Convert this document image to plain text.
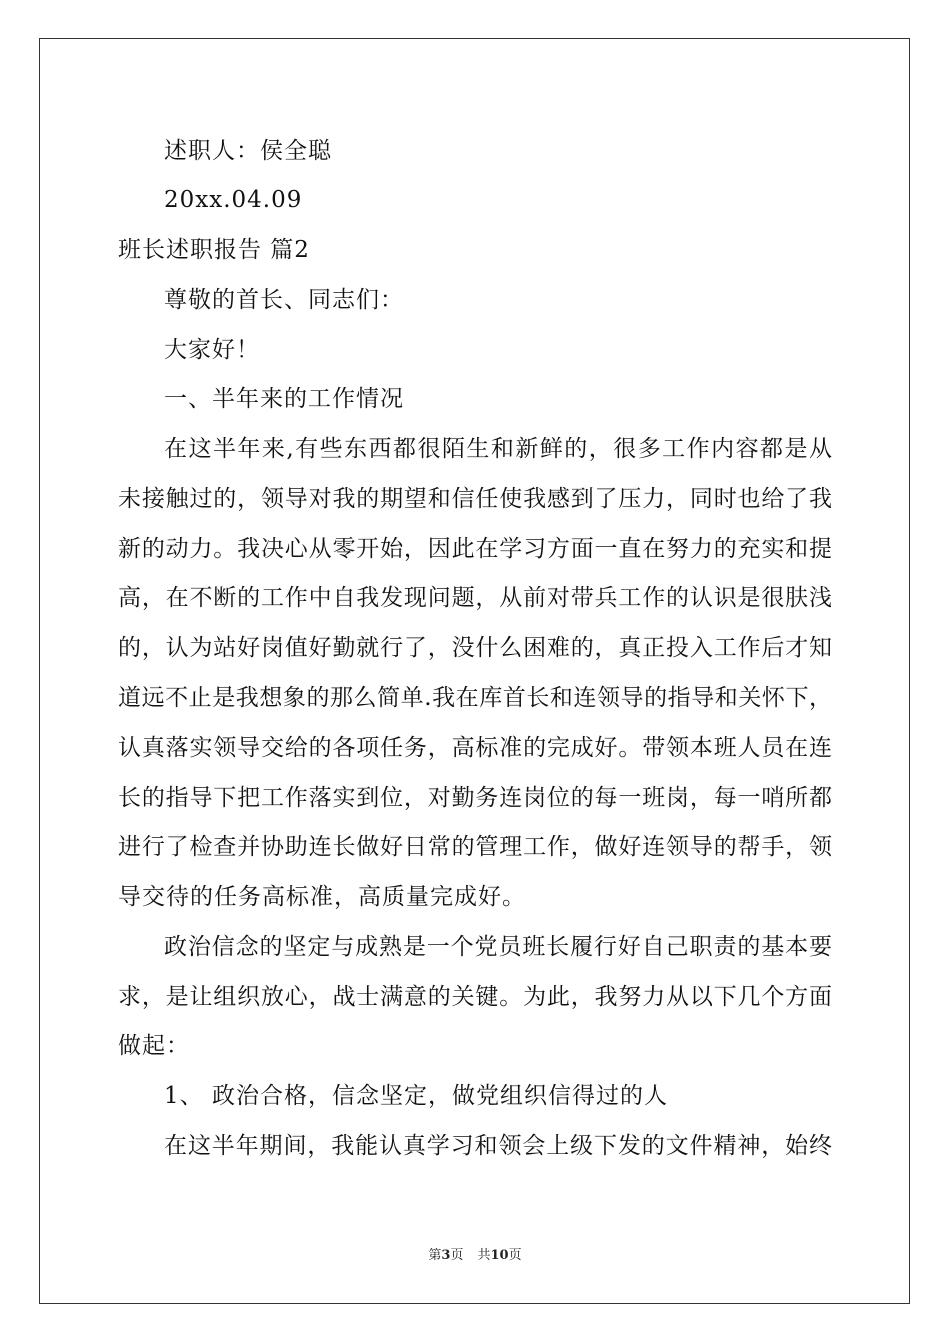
述职人：侯全聪
20xx.04.09
班长述职报告 篇2
尊敬的首长、同志们：
大家好！
一、半年来的工作情况
在这半年来,有些东西都很陌生和新鲜的，很多工作内容都是从
未接触过的，领导对我的期望和信任使我感到了压力，同时也给了我
新的动力。我决心从零开始，因此在学习方面一直在努力的充实和提
高，在不断的工作中自我发现问题，从前对带兵工作的认识是很肤浅
的，认为站好岗值好勤就行了，没什么困难的，真正投入工作后才知
道远不止是我想象的那么简单.我在库首长和连领导的指导和关怀下，
认真落实领导交给的各项任务，高标准的完成好。带领本班人员在连
长的指导下把工作落实到位，对勤务连岗位的每一班岗，每一哨所都
进行了检查并协助连长做好日常的管理工作，做好连领导的帮手，领
导交待的任务高标准，高质量完成好。
政治信念的坚定与成熟是一个党员班长履行好自己职责的基本要
求，是让组织放心，战士满意的关键。为此，我努力从以下几个方面
做起：
1、 政治合格，信念坚定，做党组织信得过的人
在这半年期间，我能认真学习和领会上级下发的文件精神，始终
第3页 共10页
